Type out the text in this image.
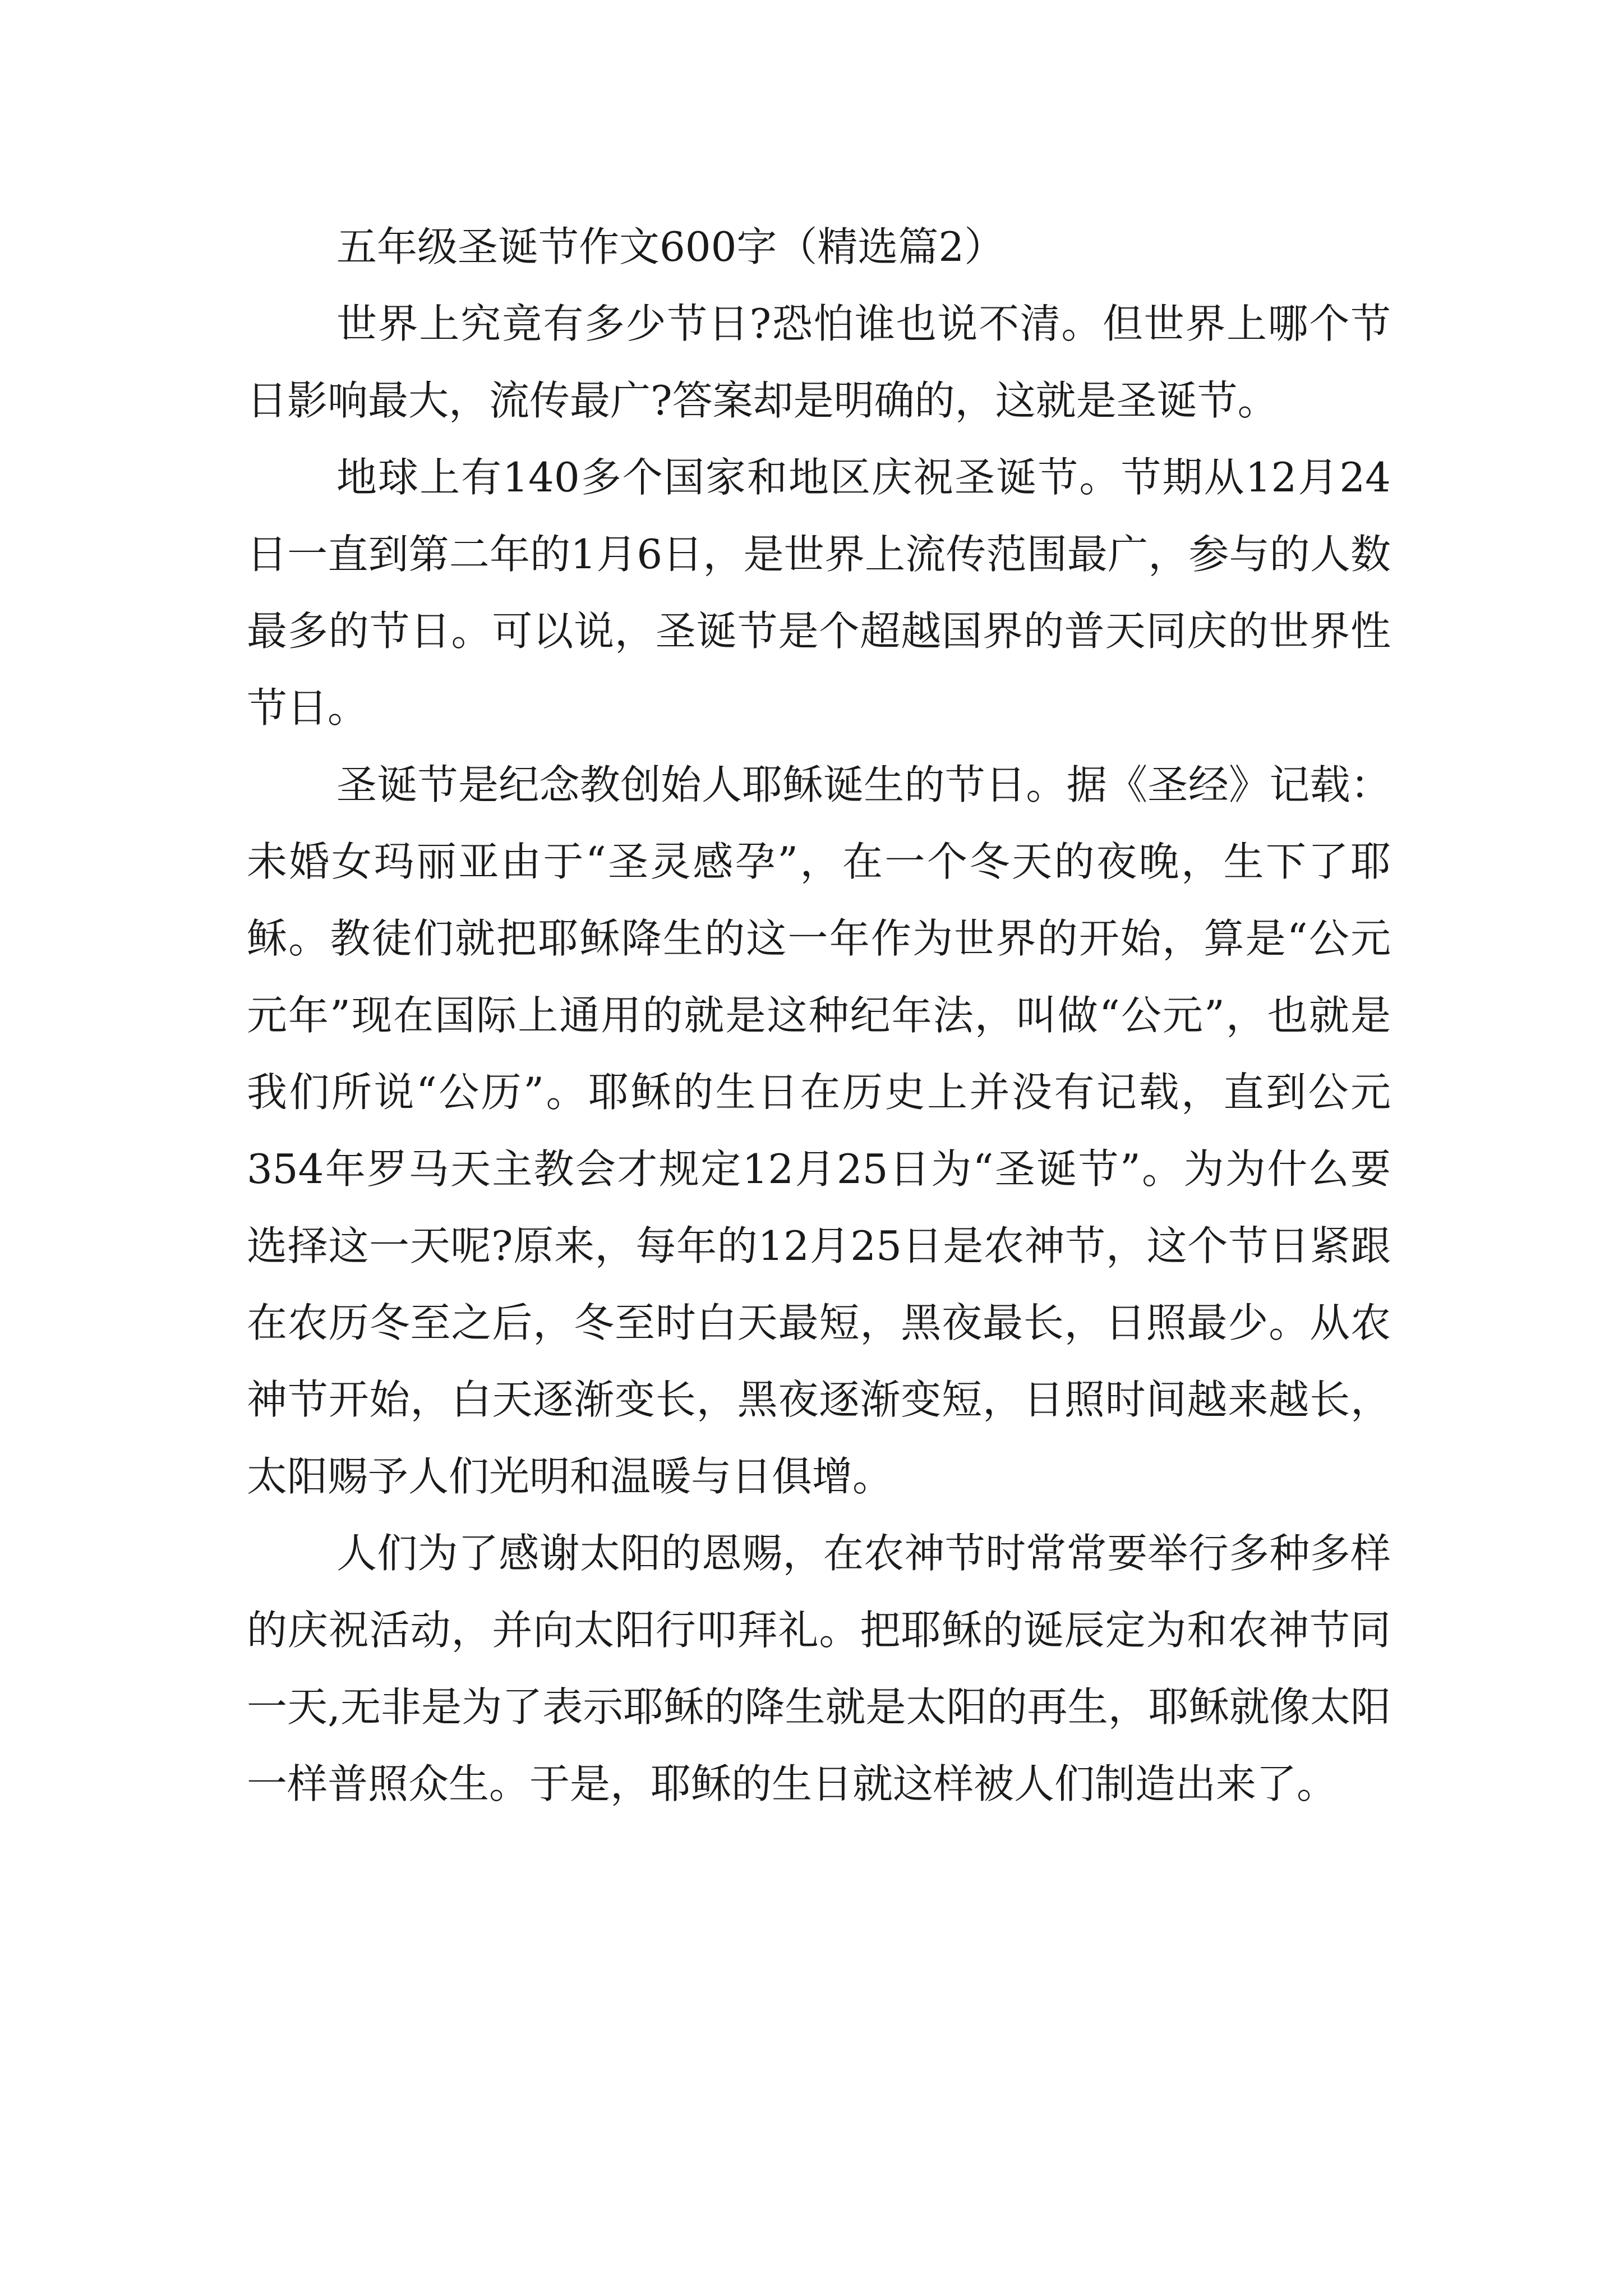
五年级圣诞节作文600字（精选篇2）

世界上究竟有多少节日?恐怕谁也说不清。但世界上哪个节日影响最大，流传最广?答案却是明确的，这就是圣诞节。

地球上有140多个国家和地区庆祝圣诞节。节期从12月24日一直到第二年的1月6日，是世界上流传范围最广，参与的人数最多的节日。可以说，圣诞节是个超越国界的普天同庆的世界性节日。

圣诞节是纪念教创始人耶稣诞生的节日。据《圣经》记载：未婚女玛丽亚由于“圣灵感孕”，在一个冬天的夜晚，生下了耶稣。教徒们就把耶稣降生的这一年作为世界的开始，算是“公元元年”现在国际上通用的就是这种纪年法，叫做“公元”，也就是我们所说“公历”。耶稣的生日在历史上并没有记载，直到公元354年罗马天主教会才规定12月25日为“圣诞节”。为为什么要选择这一天呢?原来，每年的12月25日是农神节，这个节日紧跟在农历冬至之后，冬至时白天最短，黑夜最长，日照最少。从农神节开始，白天逐渐变长，黑夜逐渐变短，日照时间越来越长，太阳赐予人们光明和温暖与日俱增。

人们为了感谢太阳的恩赐，在农神节时常常要举行多种多样的庆祝活动，并向太阳行叩拜礼。把耶稣的诞辰定为和农神节同一天,无非是为了表示耶稣的降生就是太阳的再生，耶稣就像太阳一样普照众生。于是，耶稣的生日就这样被人们制造出来了。
